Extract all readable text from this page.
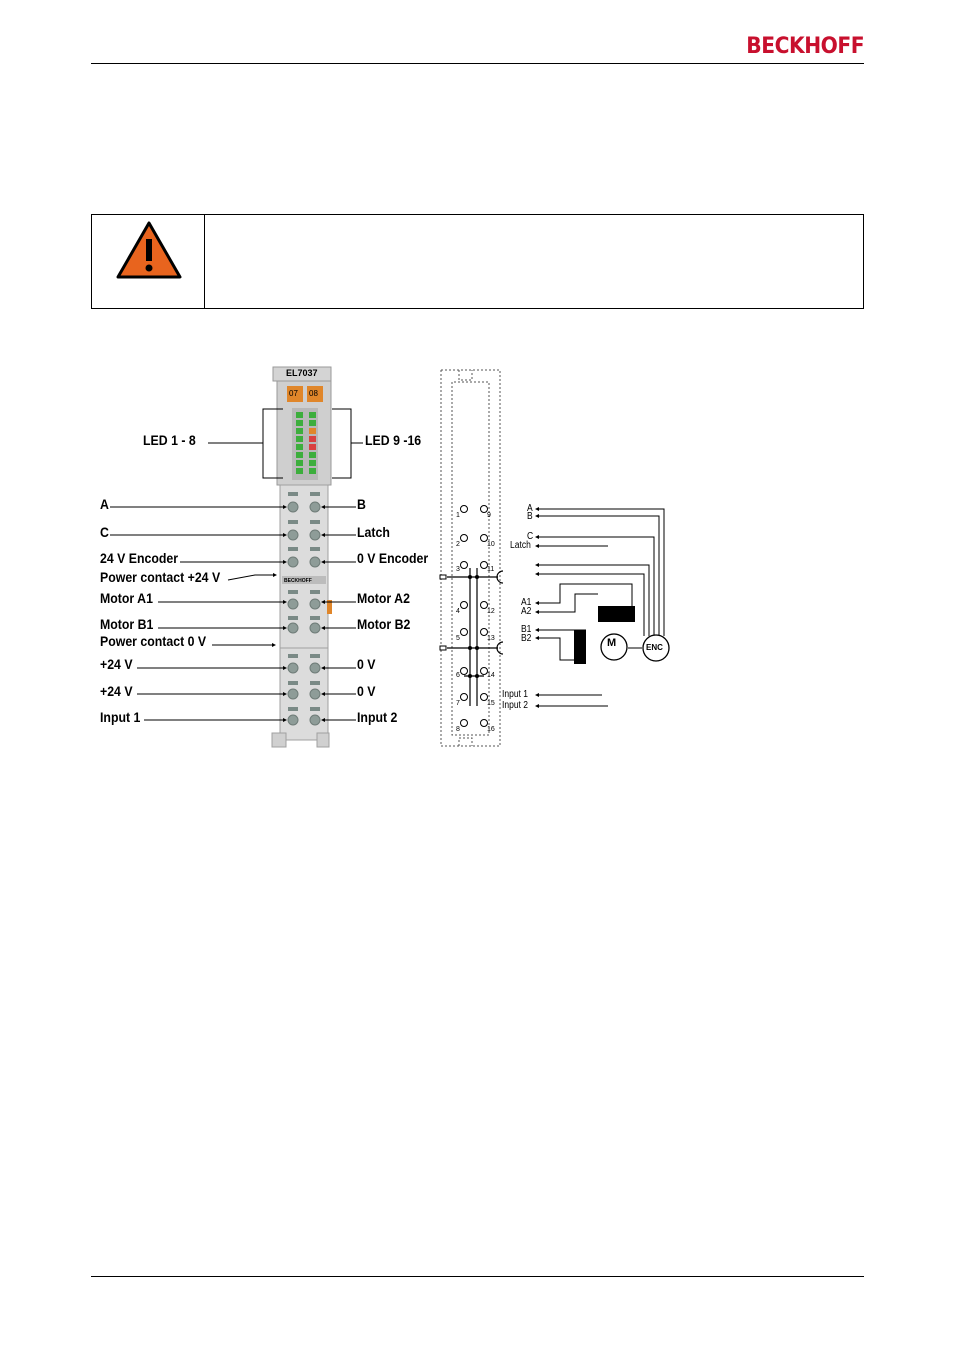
BECKHOFF
EL7037
07 08
BECKHOFF
LED 1 - 8
A
C
24 V Encoder
Power contact +24 V
Motor A1
Motor B1
Power contact 0 V
+24 V
+24 V
Input 1
LED 9 -16
B
Latch
0 V Encoder
Motor A2
Motor B2
0 V
0 V
Input 2
1
2
3
4
5
6
7
8
9
10
11
12
13
14
15
16
A
B
C
Latch
A1
A2
B1
B2
Input 1
Input 2
M	ENC
